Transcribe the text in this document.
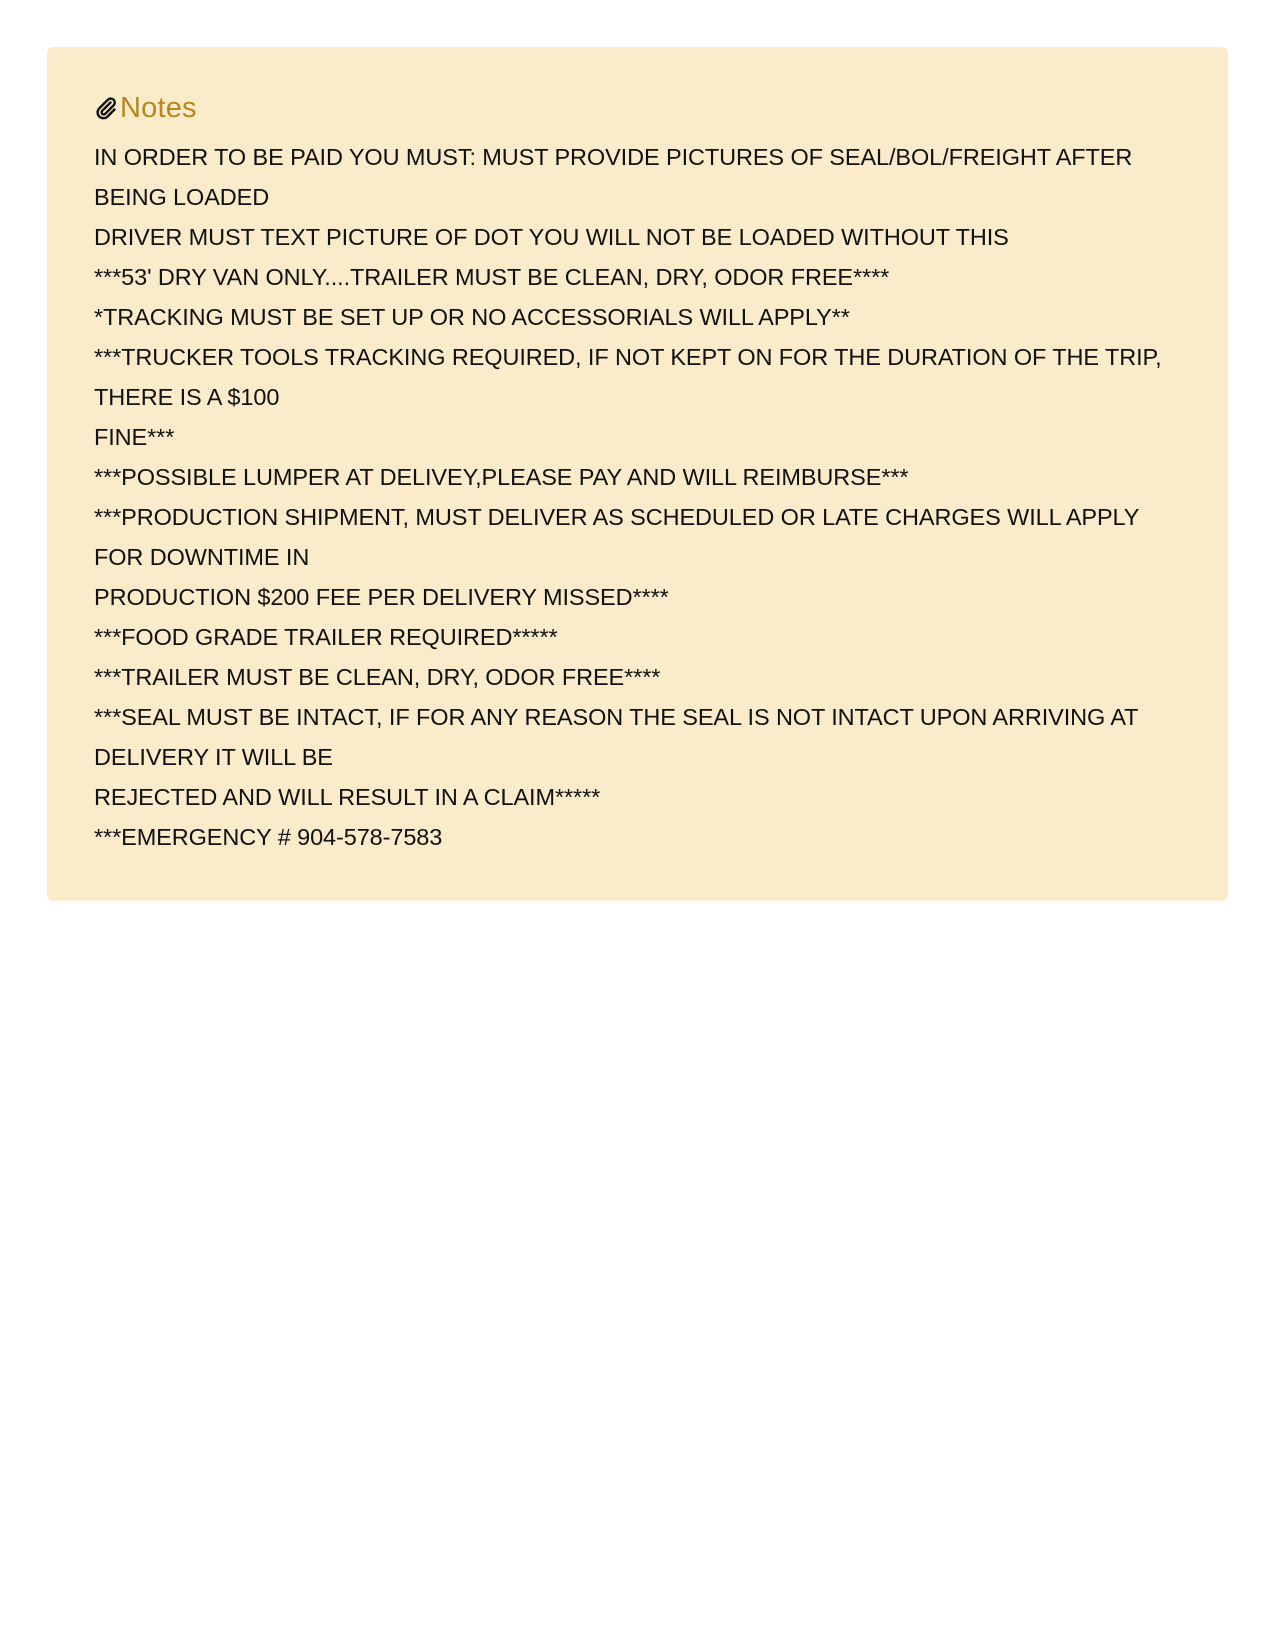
Notes
IN ORDER TO BE PAID YOU MUST: MUST PROVIDE PICTURES OF SEAL/BOL/FREIGHT AFTER
BEING LOADED
DRIVER MUST TEXT PICTURE OF DOT YOU WILL NOT BE LOADED WITHOUT THIS
***53' DRY VAN ONLY....TRAILER MUST BE CLEAN, DRY, ODOR FREE****
*TRACKING MUST BE SET UP OR NO ACCESSORIALS WILL APPLY**
***TRUCKER TOOLS TRACKING REQUIRED, IF NOT KEPT ON FOR THE DURATION OF THE TRIP,
THERE IS A $100
FINE***
***POSSIBLE LUMPER AT DELIVEY,PLEASE PAY AND WILL REIMBURSE***
***PRODUCTION SHIPMENT, MUST DELIVER AS SCHEDULED OR LATE CHARGES WILL APPLY
FOR DOWNTIME IN
PRODUCTION $200 FEE PER DELIVERY MISSED****
***FOOD GRADE TRAILER REQUIRED*****
***TRAILER MUST BE CLEAN, DRY, ODOR FREE****
***SEAL MUST BE INTACT, IF FOR ANY REASON THE SEAL IS NOT INTACT UPON ARRIVING AT
DELIVERY IT WILL BE
REJECTED AND WILL RESULT IN A CLAIM*****
***EMERGENCY # 904-578-7583
